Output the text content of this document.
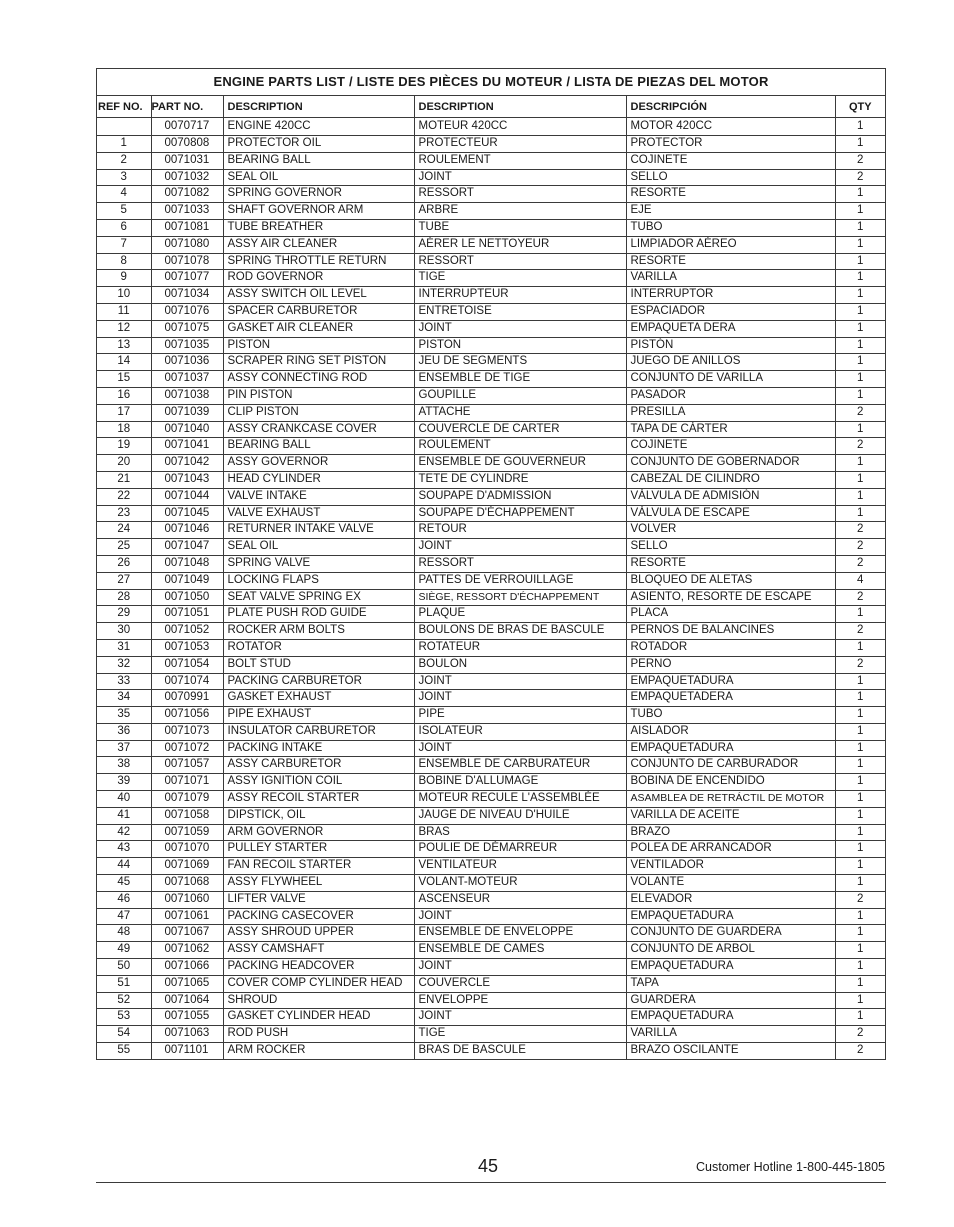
ENGINE PARTS LIST / LISTE DES PIÈCES DU MOTEUR / LISTA DE PIEZAS DEL MOTOR
REF NO.	PART NO.	DESCRIPTION	DESCRIPTION	DESCRIPCIÓN	QTY
	0070717	ENGINE 420CC	MOTEUR 420CC	MOTOR 420CC	1
1	0070808	PROTECTOR OIL	PROTECTEUR	PROTECTOR	1
2	0071031	BEARING BALL	ROULEMENT	COJINETE	2
3	0071032	SEAL OIL	JOINT	SELLO	2
4	0071082	SPRING GOVERNOR	RESSORT	RESORTE	1
5	0071033	SHAFT GOVERNOR ARM	ARBRE	EJE	1
6	0071081	TUBE BREATHER	TUBE	TUBO	1
7	0071080	ASSY AIR CLEANER	AÉRER LE NETTOYEUR	LIMPIADOR AÉREO	1
8	0071078	SPRING THROTTLE RETURN	RESSORT	RESORTE	1
9	0071077	ROD GOVERNOR	TIGE	VARILLA	1
10	0071034	ASSY SWITCH OIL LEVEL	INTERRUPTEUR	INTERRUPTOR	1
11	0071076	SPACER CARBURETOR	ENTRETOISE	ESPACIADOR	1
12	0071075	GASKET AIR CLEANER	JOINT	EMPAQUETA DERA	1
13	0071035	PISTON	PISTON	PISTÓN	1
14	0071036	SCRAPER RING SET PISTON	JEU DE SEGMENTS	JUEGO DE ANILLOS	1
15	0071037	ASSY CONNECTING ROD	ENSEMBLE DE TIGE	CONJUNTO DE VARILLA	1
16	0071038	PIN PISTON	GOUPILLE	PASADOR	1
17	0071039	CLIP PISTON	ATTACHE	PRESILLA	2
18	0071040	ASSY CRANKCASE COVER	COUVERCLE DE CARTER	TAPA DE CÁRTER	1
19	0071041	BEARING BALL	ROULEMENT	COJINETE	2
20	0071042	ASSY GOVERNOR	ENSEMBLE DE GOUVERNEUR	CONJUNTO DE GOBERNADOR	1
21	0071043	HEAD CYLINDER	TETE DE CYLINDRE	CABEZAL DE CILINDRO	1
22	0071044	VALVE INTAKE	SOUPAPE D'ADMISSION	VÁLVULA DE ADMISIÓN	1
23	0071045	VALVE EXHAUST	SOUPAPE D'ÉCHAPPEMENT	VÁLVULA DE ESCAPE	1
24	0071046	RETURNER INTAKE VALVE	RETOUR	VOLVER	2
25	0071047	SEAL OIL	JOINT	SELLO	2
26	0071048	SPRING VALVE	RESSORT	RESORTE	2
27	0071049	LOCKING FLAPS	PATTES DE VERROUILLAGE	BLOQUEO DE ALETAS	4
28	0071050	SEAT VALVE SPRING EX	SIÈGE, RESSORT D'ÉCHAPPEMENT	ASIENTO, RESORTE DE ESCAPE	2
29	0071051	PLATE PUSH ROD GUIDE	PLAQUE	PLACA	1
30	0071052	ROCKER ARM BOLTS	BOULONS DE BRAS DE BASCULE	PERNOS DE BALANCINES	2
31	0071053	ROTATOR	ROTATEUR	ROTADOR	1
32	0071054	BOLT STUD	BOULON	PERNO	2
33	0071074	PACKING CARBURETOR	JOINT	EMPAQUETADURA	1
34	0070991	GASKET EXHAUST	JOINT	EMPAQUETADERA	1
35	0071056	PIPE EXHAUST	PIPE	TUBO	1
36	0071073	INSULATOR CARBURETOR	ISOLATEUR	AISLADOR	1
37	0071072	PACKING INTAKE	JOINT	EMPAQUETADURA	1
38	0071057	ASSY CARBURETOR	ENSEMBLE DE CARBURATEUR	CONJUNTO DE CARBURADOR	1
39	0071071	ASSY IGNITION COIL	BOBINE D'ALLUMAGE	BOBINA DE ENCENDIDO	1
40	0071079	ASSY RECOIL STARTER	MOTEUR RECULE L'ASSEMBLÉE	ASAMBLEA DE RETRÁCTIL DE MOTOR	1
41	0071058	DIPSTICK, OIL	JAUGE DE NIVEAU D'HUILE	VARILLA DE ACEITE	1
42	0071059	ARM GOVERNOR	BRAS	BRAZO	1
43	0071070	PULLEY STARTER	POULIE DE DÉMARREUR	POLEA DE ARRANCADOR	1
44	0071069	FAN RECOIL STARTER	VENTILATEUR	VENTILADOR	1
45	0071068	ASSY FLYWHEEL	VOLANT-MOTEUR	VOLANTE	1
46	0071060	LIFTER VALVE	ASCENSEUR	ELEVADOR	2
47	0071061	PACKING CASECOVER	JOINT	EMPAQUETADURA	1
48	0071067	ASSY SHROUD UPPER	ENSEMBLE DE ENVELOPPE	CONJUNTO DE GUARDERA	1
49	0071062	ASSY CAMSHAFT	ENSEMBLE DE CAMES	CONJUNTO DE ARBOL	1
50	0071066	PACKING HEADCOVER	JOINT	EMPAQUETADURA	1
51	0071065	COVER COMP CYLINDER HEAD	COUVERCLE	TAPA	1
52	0071064	SHROUD	ENVELOPPE	GUARDERA	1
53	0071055	GASKET CYLINDER HEAD	JOINT	EMPAQUETADURA	1
54	0071063	ROD PUSH	TIGE	VARILLA	2
55	0071101	ARM ROCKER	BRAS DE BASCULE	BRAZO OSCILANTE	2
45	Customer Hotline 1-800-445-1805
